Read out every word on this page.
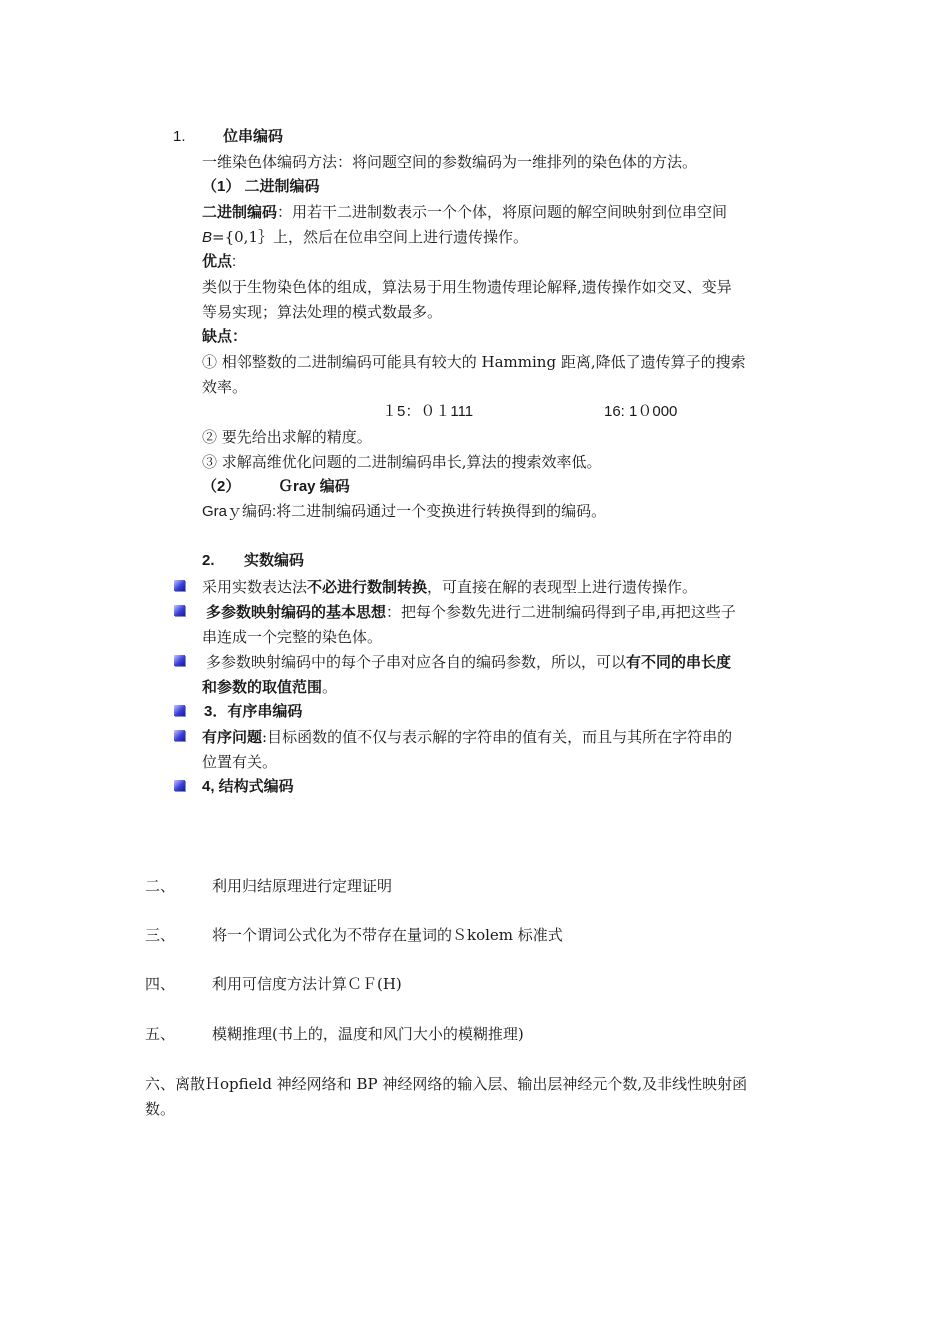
1. 位串编码
一维染色体编码方法：将问题空间的参数编码为一维排列的染色体的方法。
（1） 二进制编码
二进制编码：用若干二进制数表示一个个体，将原问题的解空间映射到位串空间
B={0,1｝上，然后在位串空间上进行遗传操作。
优点:
类似于生物染色体的组成，算法易于用生物遗传理论解释,遗传操作如交叉、变异
等易实现；算法处理的模式数最多。
缺点：
① 相邻整数的二进制编码可能具有较大的 Hamming 距离,降低了遗传算子的搜索
效率。
１5：０１111	16: 1０000
② 要先给出求解的精度。
③ 求解高维优化问题的二进制编码串长,算法的搜索效率低。
（2）	Ｇray 编码
Graｙ编码:将二进制编码通过一个变换进行转换得到的编码。
2. 实数编码
采用实数表达法不必进行数制转换，可直接在解的表现型上进行遗传操作。
多参数映射编码的基本思想：把每个参数先进行二进制编码得到子串,再把这些子
串连成一个完整的染色体。
多参数映射编码中的每个子串对应各自的编码参数，所以，可以有不同的串长度
和参数的取值范围。
3．有序串编码
有序问题:目标函数的值不仅与表示解的字符串的值有关，而且与其所在字符串的
位置有关。
4, 结构式编码
二、 利用归结原理进行定理证明
三、 将一个谓词公式化为不带存在量词的Ｓkolem 标准式
四、 利用可信度方法计算ＣＦ(H)
五、 模糊推理(书上的，温度和风门大小的模糊推理)
六、离散Ｈopfield 神经网络和 BP 神经网络的输入层、输出层神经元个数,及非线性映射函
数。
